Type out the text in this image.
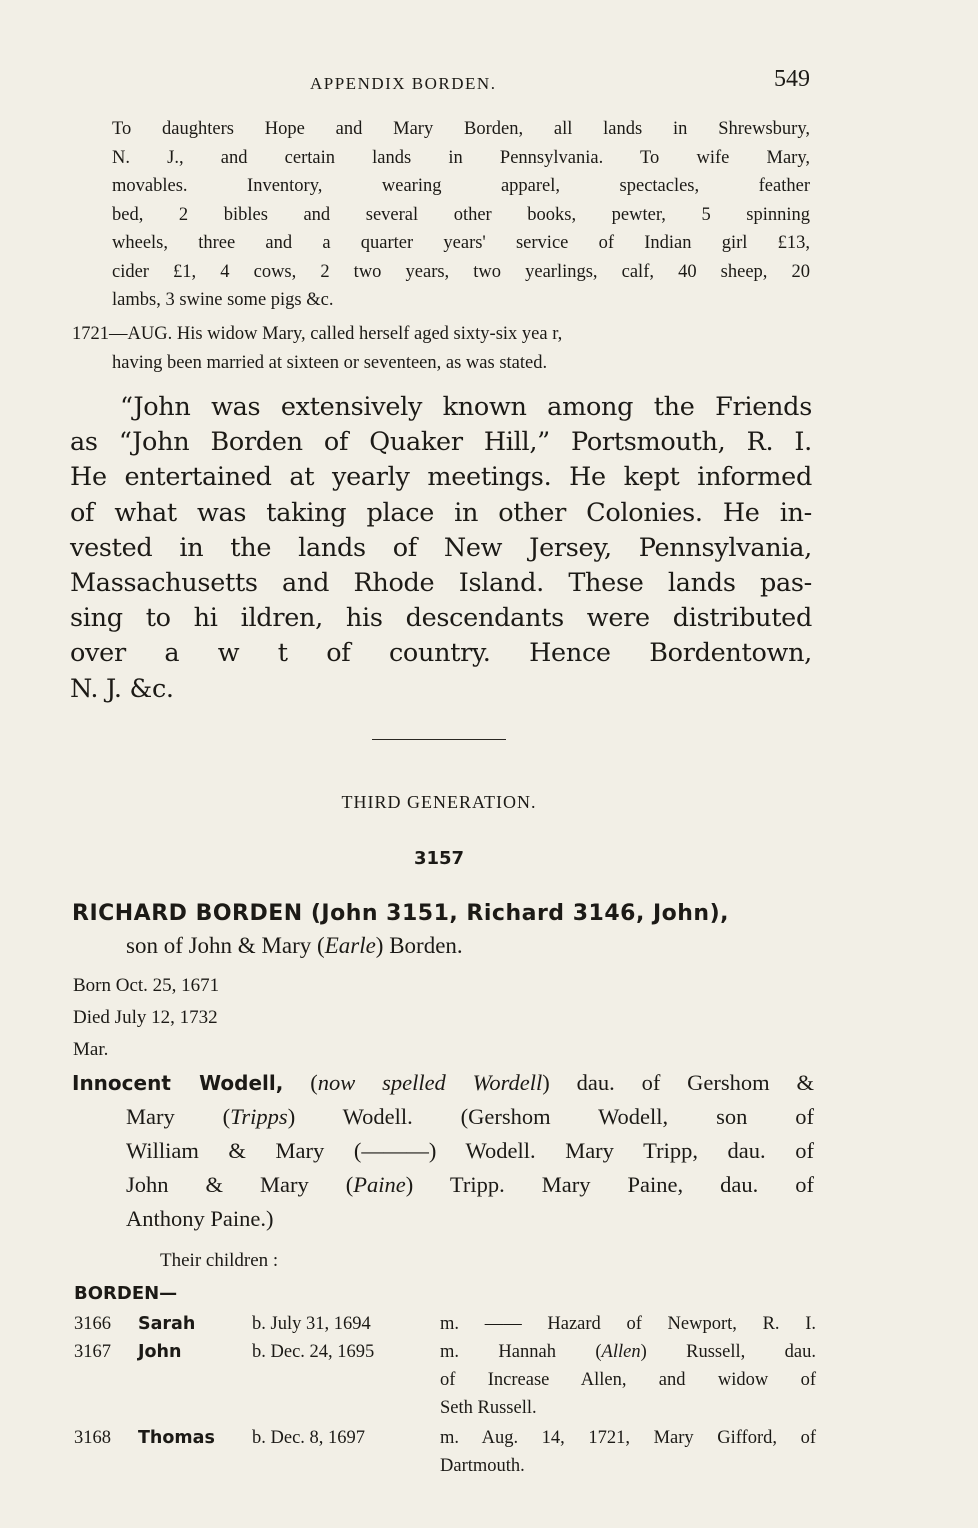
APPENDIX BORDEN.	549
To daughters Hope and Mary Borden, all lands in Shrewsbury,
N. J., and certain lands in Pennsylvania. To wife Mary,
movables. Inventory, wearing apparel, spectacles, feather
bed, 2 bibles and several other books, pewter, 5 spinning
wheels, three and a quarter years' service of Indian girl £13,
cider £1, 4 cows, 2 two years, two yearlings, calf, 40 sheep, 20
lambs, 3 swine some pigs &c.
1721—AUG. His widow Mary, called herself aged sixty-six yea r,
having been married at sixteen or seventeen, as was stated.
“John was extensively known among the Friends
as “John Borden of Quaker Hill,” Portsmouth, R. I.
He entertained at yearly meetings. He kept informed
of what was taking place in other Colonies. He in-
vested in the lands of New Jersey, Pennsylvania,
Massachusetts and Rhode Island. These lands pas-
sing to hi ildren, his descendants were distributed
over a w t of country. Hence Bordentown,
N. J. &c.
THIRD GENERATION.
3157
RICHARD BORDEN (John 3151, Richard 3146, John),
son of John & Mary (Earle) Borden.
Born Oct. 25, 1671
Died July 12, 1732
Mar.
Innocent Wodell, (now spelled Wordell) dau. of Gershom &
Mary (Tripps) Wodell. (Gershom Wodell, son of
William & Mary (———) Wodell. Mary Tripp, dau. of
John & Mary (Paine) Tripp. Mary Paine, dau. of
Anthony Paine.)
Their children :
BORDEN—
3166 Sarah	b. July 31, 1694	m. —— Hazard of Newport, R. I.
3167 John	b. Dec. 24, 1695	m. Hannah (Allen) Russell, dau.
of Increase Allen, and widow of
Seth Russell.
3168 Thomas b. Dec. 8, 1697	m. Aug. 14, 1721, Mary Gifford, of
Dartmouth.
